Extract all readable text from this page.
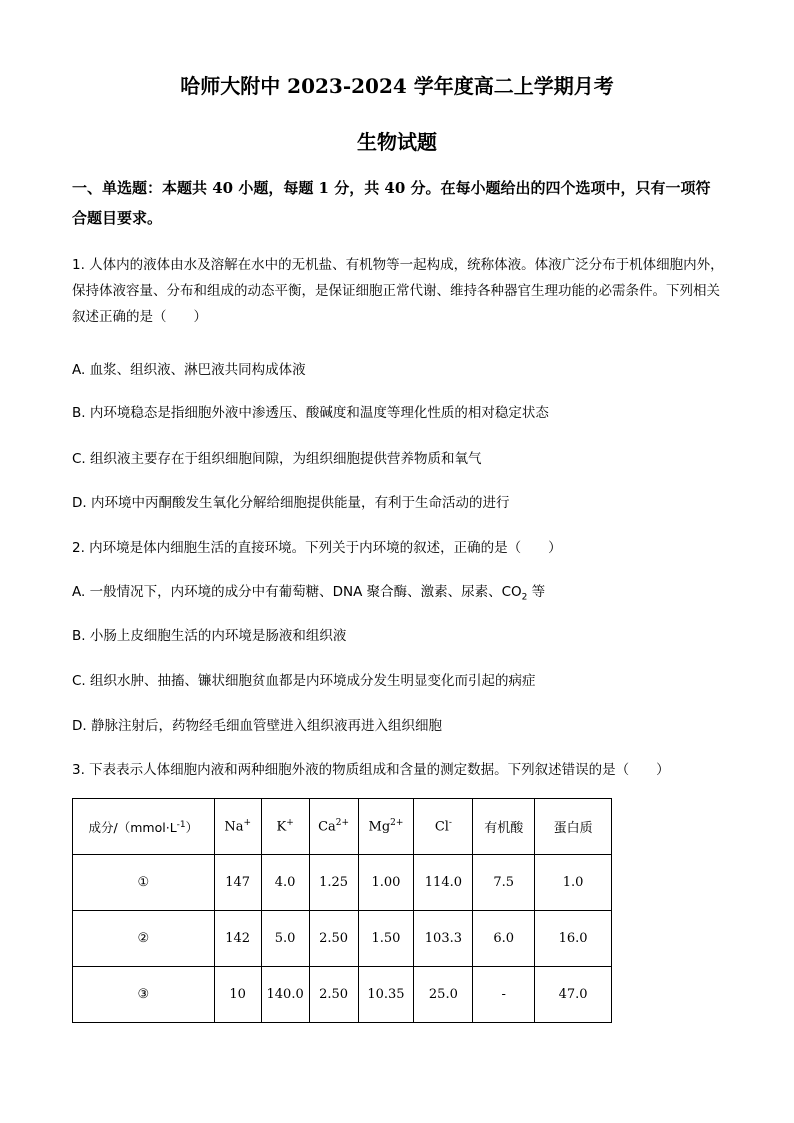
哈师大附中 2023-2024 学年度高二上学期月考
生物试题
一、单选题：本题共 40 小题，每题 1 分，共 40 分。在每小题给出的四个选项中，只有一项符合题目要求。
1. 人体内的液体由水及溶解在水中的无机盐、有机物等一起构成，统称体液。体液广泛分布于机体细胞内外，保持体液容量、分布和组成的动态平衡，是保证细胞正常代谢、维持各种器官生理功能的必需条件。下列相关叙述正确的是（　　）
A. 血浆、组织液、淋巴液共同构成体液
B. 内环境稳态是指细胞外液中渗透压、酸碱度和温度等理化性质的相对稳定状态
C. 组织液主要存在于组织细胞间隙，为组织细胞提供营养物质和氧气
D. 内环境中丙酮酸发生氧化分解给细胞提供能量，有利于生命活动的进行
2. 内环境是体内细胞生活的直接环境。下列关于内环境的叙述，正确的是（　　）
A. 一般情况下，内环境的成分中有葡萄糖、DNA 聚合酶、激素、尿素、$CO_2$ 等
B. 小肠上皮细胞生活的内环境是肠液和组织液
C. 组织水肿、抽搐、镰状细胞贫血都是内环境成分发生明显变化而引起的病症
D. 静脉注射后，药物经毛细血管壁进入组织液再进入组织细胞
3. 下表表示人体细胞内液和两种细胞外液的物质组成和含量的测定数据。下列叙述错误的是（　　）
成分$/(mmol\cdot L^{-1})$	Na+	K+	$Ca^{2+}$	$Mg^{2+}$	Cl-	有机酸	蛋白质
①	147	4.0	1.25	1.00	114.0	7.5	1.0
②	142	5.0	2.50	1.50	103.3	6.0	16.0
③	10	140.0	2.50	10.35	25.0	-	47.0
